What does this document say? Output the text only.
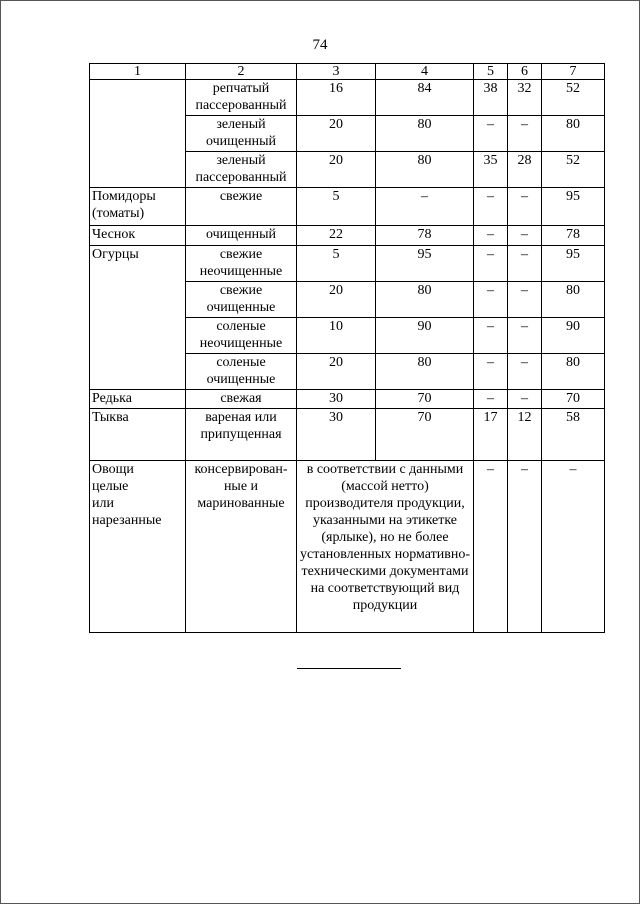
74
1	2	3	4	5	6	7
	репчатый пассерованный	16	84	38	32	52
	зеленый очищенный	20	80	–	–	80
	зеленый пассерованный	20	80	35	28	52
Помидоры (томаты)	свежие	5	–	–	–	95
Чеснок	очищенный	22	78	–	–	78
Огурцы	свежие неочищенные	5	95	–	–	95
	свежие очищенные	20	80	–	–	80
	соленые неочищенные	10	90	–	–	90
	соленые очищенные	20	80	–	–	80
Редька	свежая	30	70	–	–	70
Тыква	вареная или припущенная	30	70	17	12	58

Овощи целые или нарезанные	консервирован-ные и маринованные	в соответствии с данными (массой нетто) производителя продукции, указанными на этикетке (ярлыке), но не более установленных нормативно-техническими документами на соответствующий вид продукции		–	–	–
